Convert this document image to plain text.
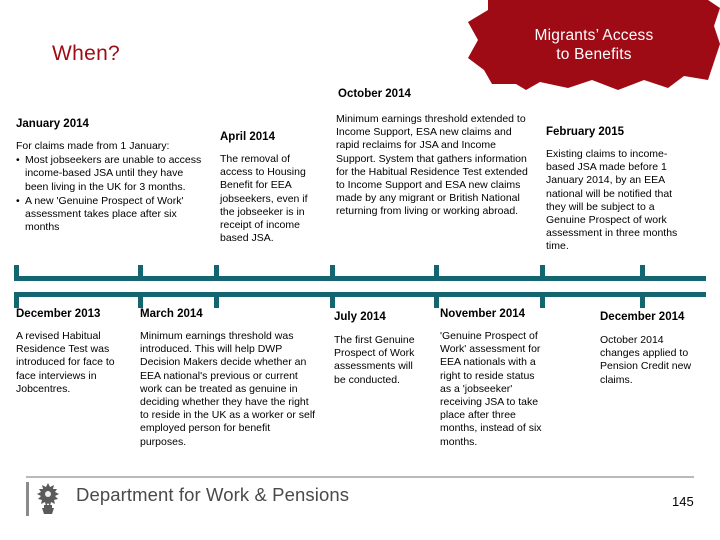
Migrants’ Access
to Benefits
When?
October 2014
January 2014

For claims made from 1 January:

• Most jobseekers are unable to access income-based JSA until they have been living in the UK for 3 months.
• A new 'Genuine Prospect of Work' assessment takes place after six months
April 2014

The removal of access to Housing Benefit for EEA jobseekers, even if the jobseeker is in receipt of income based JSA.

Minimum earnings threshold extended to Income Support, ESA new claims and rapid reclaims for JSA and Income Support. System that gathers information for the Habitual Residence Test extended to Income Support and ESA new claims made by any migrant or British National returning from living or working abroad.

February 2015

Existing claims to income-based JSA made before 1 January 2014, by an EEA national will be notified that they will be subject to a Genuine Prospect of work assessment in three months time.

December 2013

A revised Habitual Residence Test was introduced for face to face interviews in Jobcentres.

March 2014

Minimum earnings threshold was introduced. This will help DWP Decision Makers decide whether an EEA national's previous or current work can be treated as genuine in deciding whether they have the right to reside in the UK as a worker or self employed person for benefit purposes.

July 2014

The first Genuine Prospect of Work assessments will be conducted.

November 2014

'Genuine Prospect of Work' assessment for EEA nationals with a right to reside status as a 'jobseeker' receiving JSA to take place after three months, instead of six months.

December 2014

October 2014 changes applied to Pension Credit new claims.

Department for Work & Pensions	145
